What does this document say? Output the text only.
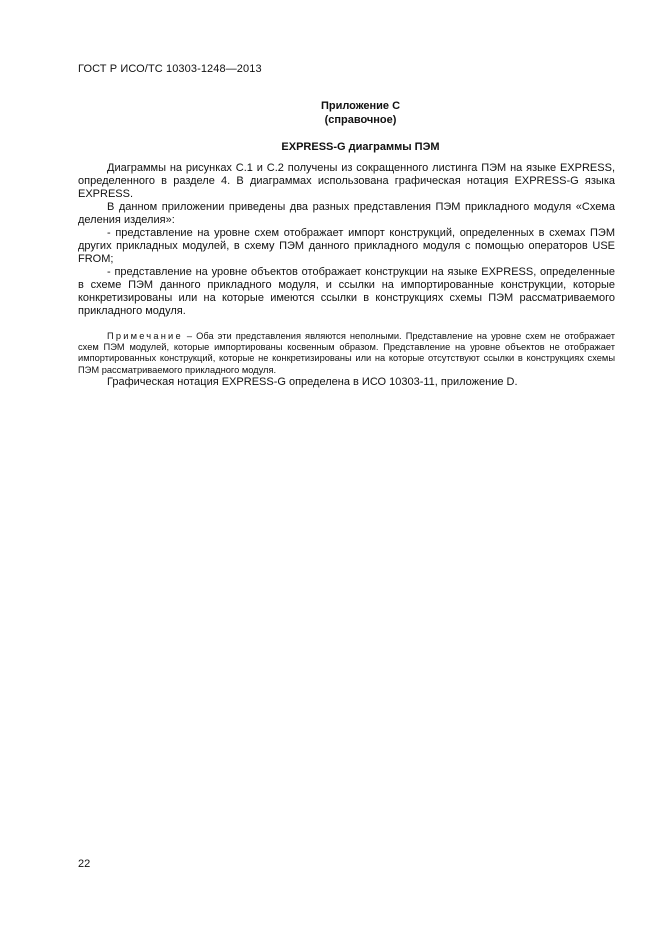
ГОСТ Р ИСО/ТС 10303-1248—2013
Приложение С
(справочное)
EXPRESS-G диаграммы ПЭМ

Диаграммы на рисунках С.1 и С.2 получены из сокращенного листинга ПЭМ на языке EXPRESS, определенного в разделе 4. В диаграммах использована графическая нотация EXPRESS-G языка EXPRESS.

В данном приложении приведены два разных представления ПЭМ прикладного модуля «Схема деления изделия»:

- представление на уровне схем отображает импорт конструкций, определенных в схемах ПЭМ других прикладных модулей, в схему ПЭМ данного прикладного модуля с помощью операторов USE FROM;

- представление на уровне объектов отображает конструкции на языке EXPRESS, определенные в схеме ПЭМ данного прикладного модуля, и ссылки на импортированные конструкции, которые конкретизированы или на которые имеются ссылки в конструкциях схемы ПЭМ рассматриваемого прикладного модуля.

Примечание – Оба эти представления являются неполными. Представление на уровне схем не отображает схем ПЭМ модулей, которые импортированы косвенным образом. Представление на уровне объектов не отображает импортированных конструкций, которые не конкретизированы или на которые отсутствуют ссылки в конструкциях схемы ПЭМ рассматриваемого прикладного модуля.

Графическая нотация EXPRESS-G определена в ИСО 10303-11, приложение D.

22
